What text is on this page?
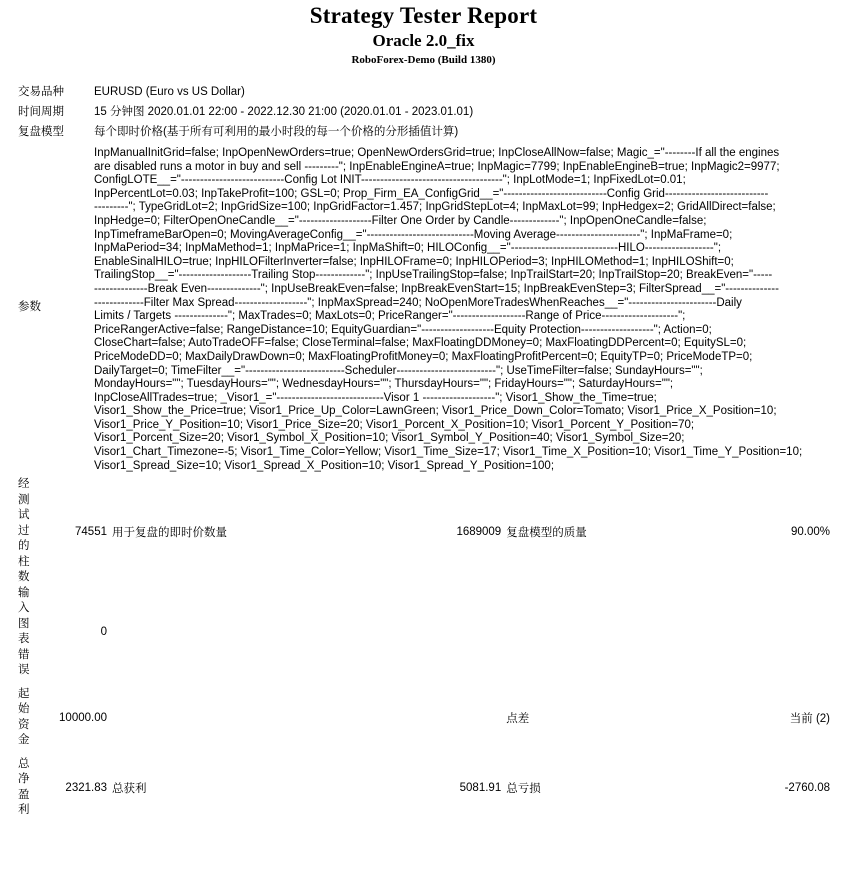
Strategy Tester Report
Oracle 2.0_fix
RoboForex-Demo (Build 1380)
交易品种	EURUSD (Euro vs US Dollar)
时间周期	15 分钟图 2020.01.01 22:00 - 2022.12.30 21:00 (2020.01.01 - 2023.01.01)
复盘模型	每个即时价格(基于所有可利用的最小时段的每一个价格的分形插值计算)
参数	
InpManualInitGrid=false; InpOpenNewOrders=true; OpenNewOrdersGrid=true; InpCloseAllNow=false; Magic_="--------If all the engines
are disabled runs a motor in buy and sell ---------"; InpEnableEngineA=true; InpMagic=7799; InpEnableEngineB=true; InpMagic2=9977;
ConfigLOTE__="---------------------------Config Lot INIT-------------------------------------"; InpLotMode=1; InpFixedLot=0.01;
InpPercentLot=0.03; InpTakeProfit=100; GSL=0; Prop_Firm_EA_ConfigGrid__="---------------------------Config Grid---------------------------
---------"; TypeGridLot=2; InpGridSize=100; InpGridFactor=1.457; InpGridStepLot=4; InpMaxLot=99; InpHedgex=2; GridAllDirect=false;
InpHedge=0; FilterOpenOneCandle__="-------------------Filter One Order by Candle-------------"; InpOpenOneCandle=false;
InpTimeframeBarOpen=0; MovingAverageConfig__="----------------------------Moving Average----------------------"; InpMaFrame=0;
InpMaPeriod=34; InpMaMethod=1; InpMaPrice=1; InpMaShift=0; HILOConfig__="----------------------------HILO------------------";
EnableSinalHILO=true; InpHILOFilterInverter=false; InpHILOFrame=0; InpHILOPeriod=3; InpHILOMethod=1; InpHILOShift=0;
TrailingStop__="-------------------Trailing Stop-------------"; InpUseTrailingStop=false; InpTrailStart=20; InpTrailStop=20; BreakEven="-----
--------------Break Even--------------"; InpUseBreakEven=false; InpBreakEvenStart=15; InpBreakEvenStep=3; FilterSpread__="--------------
-------------Filter Max Spread-------------------"; InpMaxSpread=240; NoOpenMoreTradesWhenReaches__="-----------------------Daily
Limits / Targets --------------"; MaxTrades=0; MaxLots=0; PriceRanger="-------------------Range of Price--------------------";
PriceRangerActive=false; RangeDistance=10; EquityGuardian="-------------------Equity Protection-------------------"; Action=0;
CloseChart=false; AutoTradeOFF=false; CloseTerminal=false; MaxFloatingDDMoney=0; MaxFloatingDDPercent=0; EquitySL=0;
PriceModeDD=0; MaxDailyDrawDown=0; MaxFloatingProfitMoney=0; MaxFloatingProfitPercent=0; EquityTP=0; PriceModeTP=0;
DailyTarget=0; TimeFilter__="--------------------------Scheduler--------------------------"; UseTimeFilter=false; SundayHours="";
MondayHours=""; TuesdayHours=""; WednesdayHours=""; ThursdayHours=""; FridayHours=""; SaturdayHours="";
InpCloseAllTrades=true; _Visor1_="----------------------------Visor 1 -------------------"; Visor1_Show_the_Time=true;
Visor1_Show_the_Price=true; Visor1_Price_Up_Color=LawnGreen; Visor1_Price_Down_Color=Tomato; Visor1_Price_X_Position=10;
Visor1_Price_Y_Position=10; Visor1_Price_Size=20; Visor1_Porcent_X_Position=10; Visor1_Porcent_Y_Position=70;
Visor1_Porcent_Size=20; Visor1_Symbol_X_Position=10; Visor1_Symbol_Y_Position=40; Visor1_Symbol_Size=20;
Visor1_Chart_Timezone=-5; Visor1_Time_Color=Yellow; Visor1_Time_Size=17; Visor1_Time_X_Position=10; Visor1_Time_Y_Position=10;
Visor1_Spread_Size=10; Visor1_Spread_X_Position=10; Visor1_Spread_Y_Position=100;
经测试过的柱数	74551	用于复盘的即时价数量	1689009	复盘模型的质量	90.00%
输入图表错误	0				
起始资金	10000.00			点差	当前 (2)
总净盈利	2321.83	总获利	5081.91	总亏损	-2760.08
